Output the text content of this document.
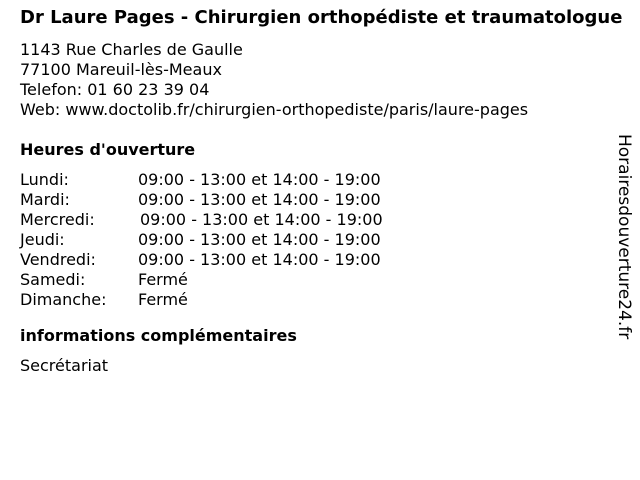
Dr Laure Pages - Chirurgien orthopédiste et traumatologue
1143 Rue Charles de Gaulle
77100 Mareuil-lès-Meaux
Telefon: 01 60 23 39 04
Web: www.doctolib.fr/chirurgien-orthopediste/paris/laure-pages
Heures d'ouverture
Lundi:	09:00 - 13:00 et 14:00 - 19:00
Mardi:	09:00 - 13:00 et 14:00 - 19:00
Mercredi:	09:00 - 13:00 et 14:00 - 19:00
Jeudi:	09:00 - 13:00 et 14:00 - 19:00
Vendredi:	09:00 - 13:00 et 14:00 - 19:00
Samedi:	Fermé
Dimanche: Fermé
informations complémentaires
Secrétariat
Horairesdouverture24.fr
